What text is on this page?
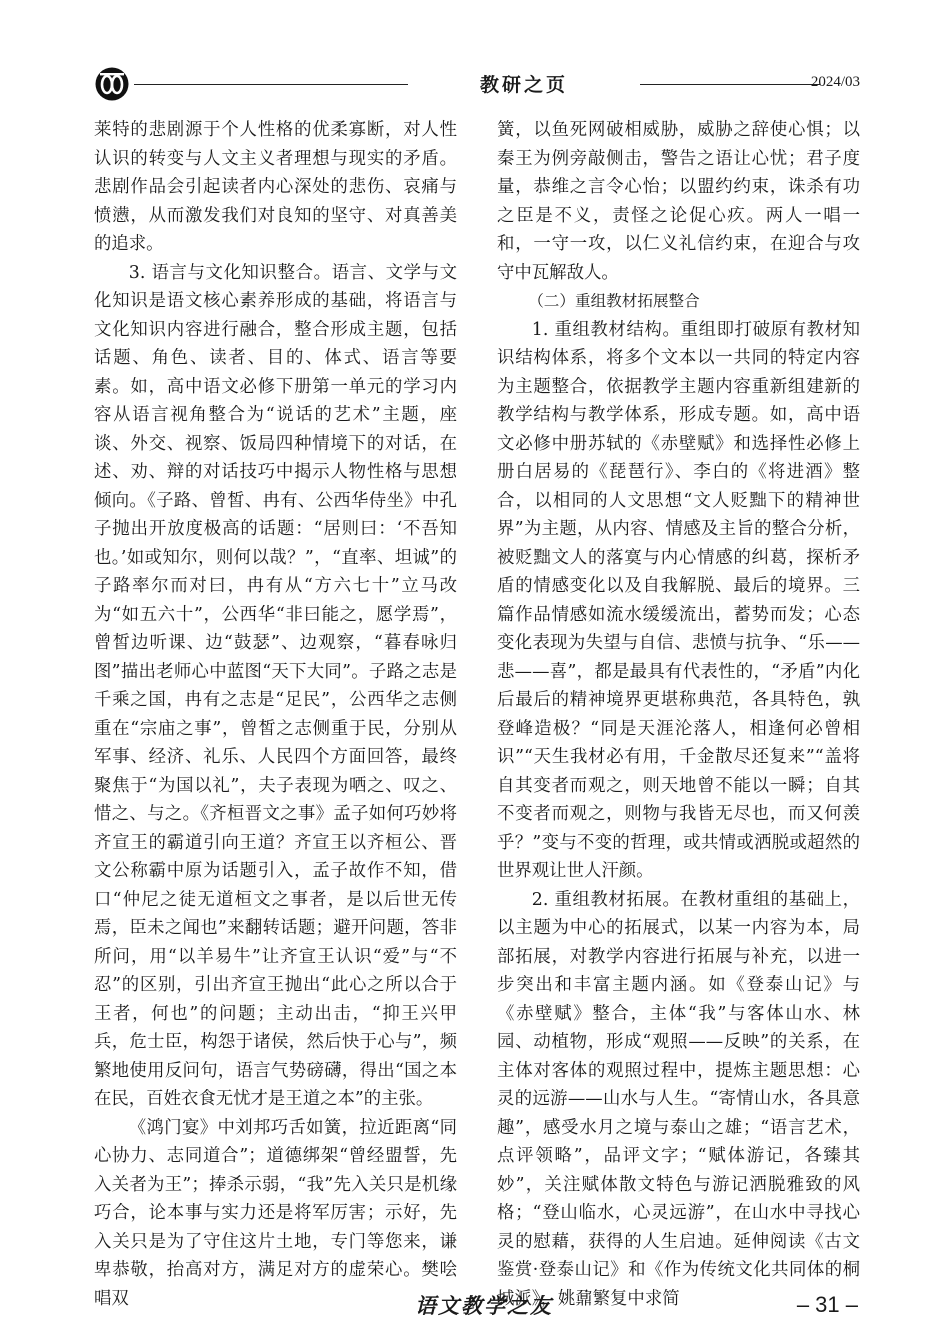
教研之页	2024/03

莱特的悲剧源于个人性格的优柔寡断，对人性认识的转变与人文主义者理想与现实的矛盾。悲剧作品会引起读者内心深处的悲伤、哀痛与愤懑，从而激发我们对良知的坚守、对真善美的追求。

3. 语言与文化知识整合。语言、文学与文化知识是语文核心素养形成的基础，将语言与文化知识内容进行融合，整合形成主题，包括话题、角色、读者、目的、体式、语言等要素。如，高中语文必修下册第一单元的学习内容从语言视角整合为“说话的艺术”主题，座谈、外交、视察、饭局四种情境下的对话，在述、劝、辩的对话技巧中揭示人物性格与思想倾向。《子路、曾皙、冉有、公西华侍坐》中孔子抛出开放度极高的话题：“居则曰：‘不吾知也。’如或知尔，则何以哉？”，“直率、坦诚”的子路率尔而对曰，冉有从“方六七十”立马改为“如五六十”，公西华“非曰能之，愿学焉”，曾皙边听课、边“鼓瑟”、边观察，“暮春咏归图”描出老师心中蓝图“天下大同”。子路之志是千乘之国，冉有之志是“足民”，公西华之志侧重在“宗庙之事”，曾皙之志侧重于民，分别从军事、经济、礼乐、人民四个方面回答，最终聚焦于“为国以礼”，夫子表现为哂之、叹之、惜之、与之。《齐桓晋文之事》孟子如何巧妙将齐宣王的霸道引向王道？齐宣王以齐桓公、晋文公称霸中原为话题引入，孟子故作不知，借口“仲尼之徒无道桓文之事者，是以后世无传焉，臣未之闻也”来翻转话题；避开问题，答非所问，用“以羊易牛”让齐宣王认识“爱”与“不忍”的区别，引出齐宣王抛出“此心之所以合于王者，何也”的问题；主动出击，“抑王兴甲兵，危士臣，构怨于诸侯，然后快于心与”，频繁地使用反问句，语言气势磅礴，得出“国之本在民，百姓衣食无忧才是王道之本”的主张。

《鸿门宴》中刘邦巧舌如簧，拉近距离“同心协力、志同道合”；道德绑架“曾经盟誓，先入关者为王”；捧杀示弱，“我”先入关只是机缘巧合，论本事与实力还是将军厉害；示好，先入关只是为了守住这片土地，专门等您来，谦卑恭敬，抬高对方，满足对方的虚荣心。樊哙唱双

簧，以鱼死网破相威胁，威胁之辞使心惧；以秦王为例旁敲侧击，警告之语让心忧；君子度量，恭维之言令心怡；以盟约约束，诛杀有功之臣是不义，责怪之论促心疚。两人一唱一和，一守一攻，以仁义礼信约束，在迎合与攻守中瓦解敌人。

（二）重组教材拓展整合

1. 重组教材结构。重组即打破原有教材知识结构体系，将多个文本以一共同的特定内容为主题整合，依据教学主题内容重新组建新的教学结构与教学体系，形成专题。如，高中语文必修中册苏轼的《赤壁赋》和选择性必修上册白居易的《琵琶行》、李白的《将进酒》整合，以相同的人文思想“文人贬黜下的精神世界”为主题，从内容、情感及主旨的整合分析，被贬黜文人的落寞与内心情感的纠葛，探析矛盾的情感变化以及自我解脱、最后的境界。三篇作品情感如流水缓缓流出，蓄势而发；心态变化表现为失望与自信、悲愤与抗争、“乐——悲——喜”，都是最具有代表性的，“矛盾”内化后最后的精神境界更堪称典范，各具特色，孰登峰造极？“同是天涯沦落人，相逢何必曾相识”“天生我材必有用，千金散尽还复来”“盖将自其变者而观之，则天地曾不能以一瞬；自其不变者而观之，则物与我皆无尽也，而又何羡乎？”变与不变的哲理，或共情或洒脱或超然的世界观让世人汗颜。

2. 重组教材拓展。在教材重组的基础上，以主题为中心的拓展式，以某一内容为本，局部拓展，对教学内容进行拓展与补充，以进一步突出和丰富主题内涵。如《登泰山记》与《赤壁赋》整合，主体“我”与客体山水、林园、动植物，形成“观照——反映”的关系，在主体对客体的观照过程中，提炼主题思想：心灵的远游——山水与人生。“寄情山水，各具意趣”，感受水月之境与泰山之雄；“语言艺术，点评领略”，品评文字；“赋体游记，各臻其妙”，关注赋体散文特色与游记洒脱雅致的风格；“登山临水，心灵远游”，在山水中寻找心灵的慰藉，获得的人生启迪。延伸阅读《古文鉴赏·登泰山记》和《作为传统文化共同体的桐城派》，姚鼐繁复中求简

语文教学之友	– 31 –
